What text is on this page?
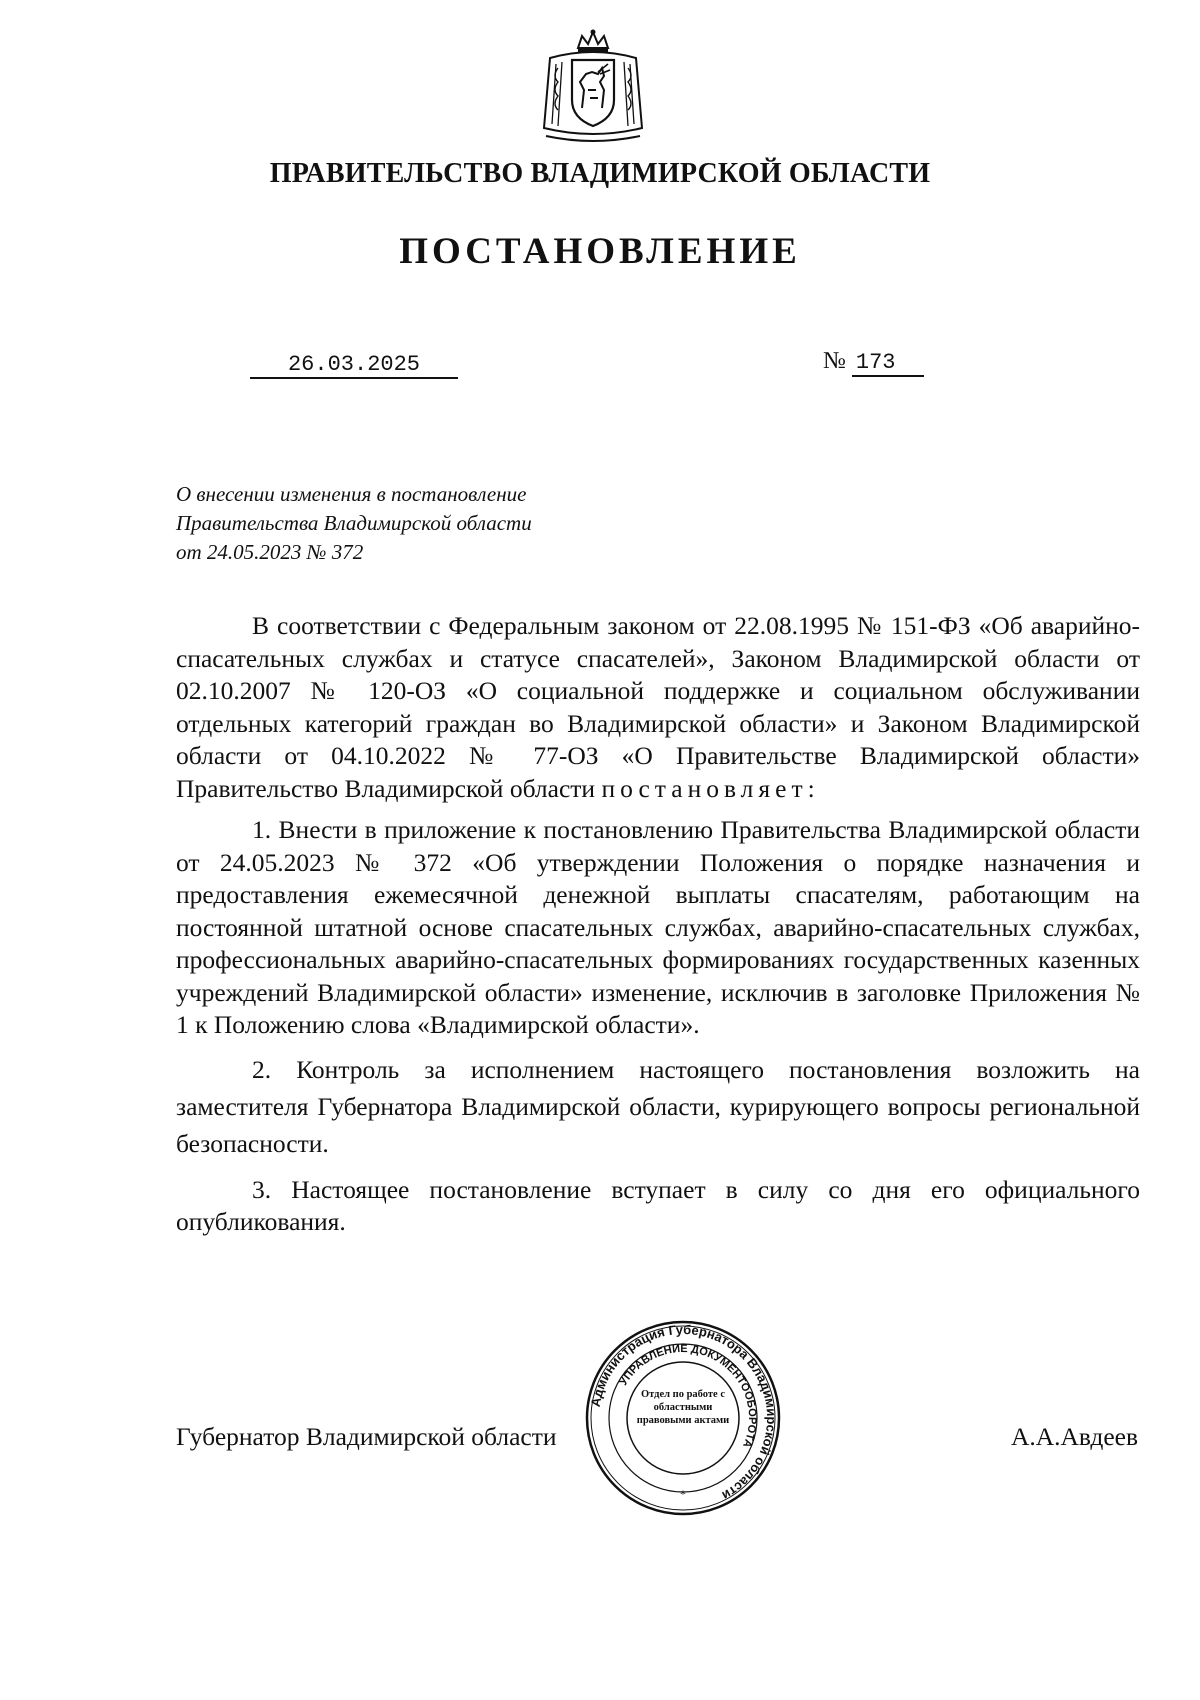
ПРАВИТЕЛЬСТВО ВЛАДИМИРСКОЙ ОБЛАСТИ
ПОСТАНОВЛЕНИЕ
26.03.2025	№ 173
О внесении изменения в постановление
Правительства Владимирской области
от 24.05.2023 № 372

В соответствии с Федеральным законом от 22.08.1995 № 151-ФЗ «Об аварийно-спасательных службах и статусе спасателей», Законом Владимирской области от 02.10.2007 № 120-ОЗ «О социальной поддержке и социальном обслуживании отдельных категорий граждан во Владимирской области» и Законом Владимирской области от 04.10.2022 № 77-ОЗ «О Правительстве Владимирской области» Правительство Владимирской области постановляет:

1. Внести в приложение к постановлению Правительства Владимирской области от 24.05.2023 № 372 «Об утверждении Положения о порядке назначения и предоставления ежемесячной денежной выплаты спасателям, работающим на постоянной штатной основе спасательных службах, аварийно-спасательных службах, профессиональных аварийно-спасательных формированиях государственных казенных учреждений Владимирской области» изменение, исключив в заголовке Приложения № 1 к Положению слова «Владимирской области».

2. Контроль за исполнением настоящего постановления возложить на заместителя Губернатора Владимирской области, курирующего вопросы региональной безопасности.

3. Настоящее постановление вступает в силу со дня его официального опубликования.

Губернатор Владимирской области	А.А.Авдеев
Администрация Губернатора Владимирской области
УПРАВЛЕНИЕ ДОКУМЕНТООБОРОТА
*
Отдел по работе с областными правовыми актами
